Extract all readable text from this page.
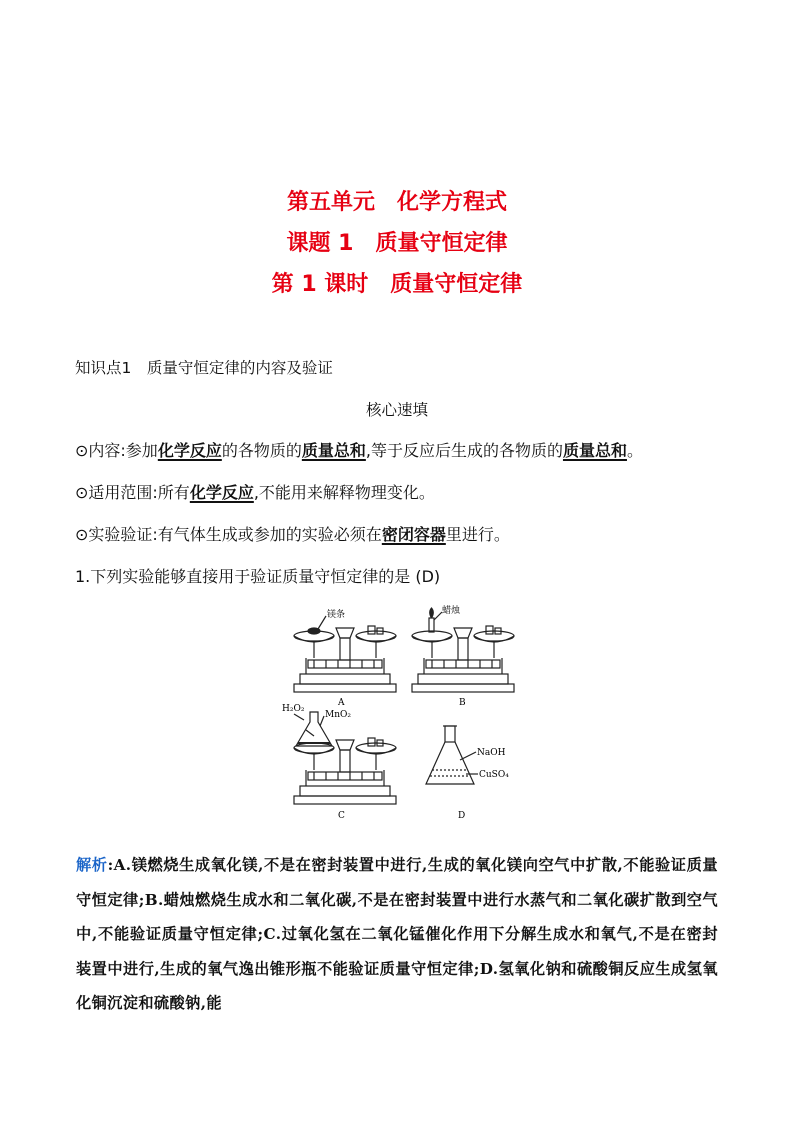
第五单元　化学方程式
课题 1　质量守恒定律
第 1 课时　质量守恒定律
知识点1　质量守恒定律的内容及验证
核心速填
⊙内容:参加化学反应的各物质的质量总和,等于反应后生成的各物质的质量总和。
⊙适用范围:所有化学反应,不能用来解释物理变化。
⊙实验验证:有气体生成或参加的实验必须在密闭容器里进行。
1.下列实验能够直接用于验证质量守恒定律的是 (D)
镁条	蜡烛
H₂O₂
MnO₂
NaOH
CuSO₄
A	B
C	D
解析:A.镁燃烧生成氧化镁,不是在密封装置中进行,生成的氧化镁向空气中扩散,不能验证质量守恒定律;B.蜡烛燃烧生成水和二氧化碳,不是在密封装置中进行水蒸气和二氧化碳扩散到空气中,不能验证质量守恒定律;C.过氧化氢在二氧化锰催化作用下分解生成水和氧气,不是在密封装置中进行,生成的氧气逸出锥形瓶不能验证质量守恒定律;D.氢氧化钠和硫酸铜反应生成氢氧化铜沉淀和硫酸钠,能
